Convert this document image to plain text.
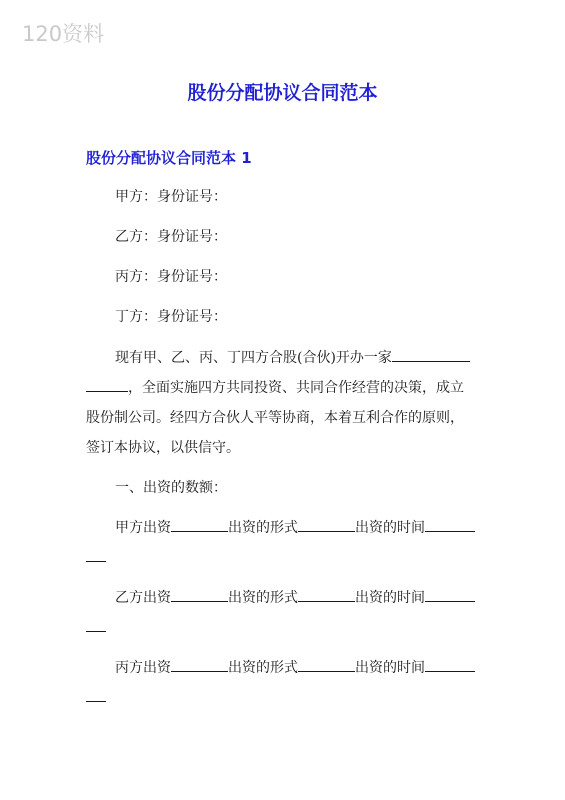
120资料
股份分配协议合同范本
股份分配协议合同范本 1
甲方：身份证号：
乙方：身份证号：
丙方：身份证号：
丁方：身份证号：
现有甲、乙、丙、丁四方合股(合伙)开办一家
，全面实施四方共同投资、共同合作经营的决策，成立
股份制公司。经四方合伙人平等协商，本着互利合作的原则，
签订本协议，以供信守。
一、出资的数额：
甲方出资	出资的形式	出资的时间
乙方出资	出资的形式	出资的时间
丙方出资	出资的形式	出资的时间
